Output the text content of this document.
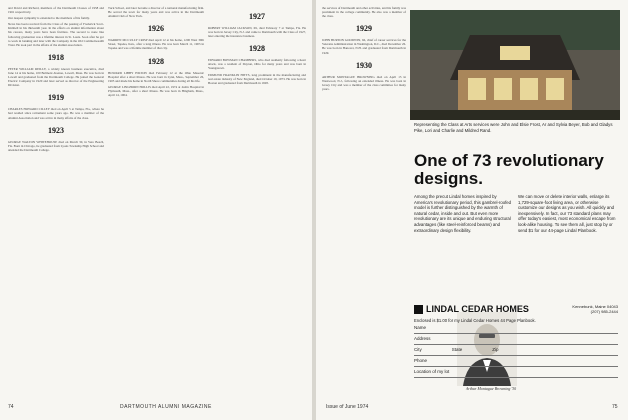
and David and Richard, members of the Dartmouth Classes of 1958 and 1961 respectively.

Our deepest sympathy is extended to the members of his family.

News has been received from the Class of the passing of Frederick Scott-Kimbell in his thirteenth year. In the efforts on alumni information about his careers, many years have been fruitless. The second to none like following graduation was a lifetime interest in St. Louis. Soon after he got to work in banking and later with the Company in the Old Commonwealth Trust. He took part in the affairs of the alumni association.

1918

PETER WILLIAM REILLY, a widely known business executive, died June 14 at his home, 100 Belmont Avenue, Lowell, Mass. He was born in Lowell and graduated from the Dartmouth College. He joined the General Electric Company in 1920 and later served as director of the Engineering Division.

1919

CHARLES HOWARD CILLEY died on April 5 at Tampa, Fla., where he had resided since retirement some years ago. He was a member of the Alumni Association and was active in many affairs of the class.

1923

GEORGE WALTON WHITEHOUSE died on March 30, in Vero Beach, Fla. Born in Chicago, he graduated from Lyons Township High School and attended the Dartmouth College.

Tuck School, and later became a director of a national manufacturing firm. He served the town for many years and was active in the Dartmouth Alumni Club of New York.

1926

WARREN MCCULLY CRISP died April 12 at his home, 1200 West 39th Street, Topeka, Kan., after a long illness. He was born March 11, 1903 in Topeka and was a lifetime member of that city.

1928

HOWARD LIBBY HILTON died February 12 at the Ohio Masonic Hospital after a short illness. He was born in Lynn, Mass., September 26, 1905 and made his home in North Shore communities during all his life.

GEORGE LINGHORN HOLLIS died April 22, 1974 at Joslin Hospital in Plymouth, Mass., after a short illness. He was born in Hingham, Mass., April 14, 1904.

1927

ROBERT WILLIAM JACKSON, 69, died February 7 at Tampa, Fla. He was born in Jersey City, N.J. and came to Dartmouth with the Class of 1927, later entering the insurance business.

1928

EDWARD BOWMAN CHAMBERS, who died suddenly following a heart attack, was a resident of Dayton, Ohio for many years and was born in Youngstown.

EDMUND FRANKLIN HITTS, long prominent in the manufacturing and real estate industry of New England, died October 19, 1973. He was born in Boston and graduated from Dartmouth in 1928.

74	DARTMOUTH ALUMNI MAGAZINE

the services of Dartmouth and other activities, and his family was prominent in the college community. He also was a member of the class.

1929

JOHN BURTON GOODWIN, 66, chief of career services for the Veterans Administration in Washington, D.C., died December 26. He was born in Hanover, N.H. and graduated from Dartmouth in 1929.

1930

ARTHUR MONTAGUE BROWNING died on April 15 in Westwood, N.J., following an extended illness. He was born in Jersey City and was a member of the class committee for many years.

Arthur Montague Browning '30
Issue of June 1974	75
Representing the Class at Arts services were John and Elsie Frost, Ar and Sylvia Beyer, Bob and Gladys Pike, Lori and Charlie and Mildred Rand.
One of 73 revolutionary designs.
Among the precut Lindal homes inspired by America's revolutionary period, this gambrel-roofed model is further distinguished by the warmth of natural cedar, inside and out. But even more revolutionary are its unique and enduring structural advantages (like steel-reinforced beams) and extraordinary design flexibility.
We can move or delete interior walls, enlarge its 1,729-square-foot living area, or otherwise customize our designs as you wish. All quickly and inexpensively. In fact, our 73 standard plans may offer today's easiest, most economical escape from look-alike housing. To see them all, just stop by or send $1 for our 44-page Lindal Planbook.
LINDAL CEDAR HOMES	Kennebunk, Maine 04043
(207) 985-2444
Enclosed is $1.00 for my Lindal Cedar Homes 44 Page Planbook.
Name
Address
City	State	Zip
Phone
Location of my lot
